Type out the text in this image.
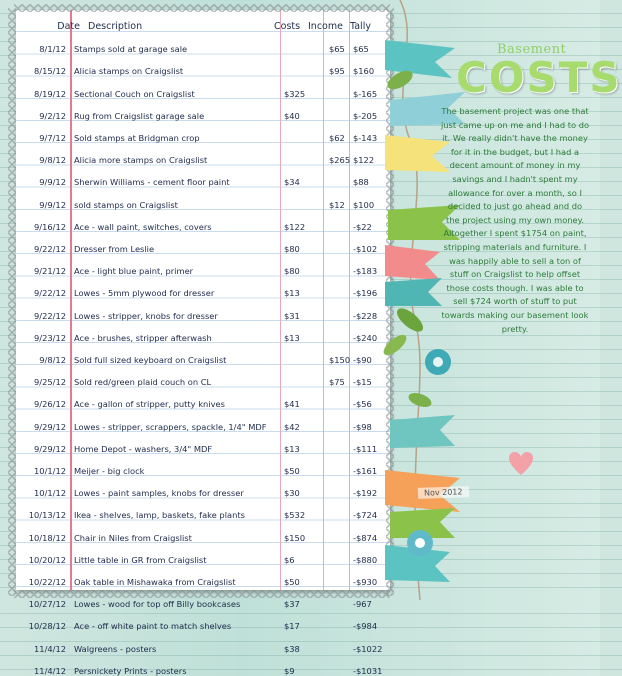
Date Description	Costs Income Tally
8/1/12 Stamps sold at garage sale	$65 $65
8/15/12 Alicia stamps on Craigslist	$95 $160
8/19/12 Sectional Couch on Craigslist	$325	$-165
9/2/12 Rug from Craigslist garage sale	$40	$-205
9/7/12 Sold stamps at Bridgman crop	$62 $-143
9/8/12 Alicia more stamps on Craigslist	$265 $122
9/9/12 Sherwin Williams - cement floor paint	$34	$88
9/9/12 sold stamps on Craigslist	$12 $100
9/16/12 Ace - wall paint, switches, covers	$122	-$22
9/22/12 Dresser from Leslie	$80	-$102
9/21/12 Ace - light blue paint, primer	$80	-$183
9/22/12 Lowes - 5mm plywood for dresser	$13	-$196
9/22/12 Lowes - stripper, knobs for dresser	$31	-$228
9/23/12 Ace - brushes, stripper afterwash	$13	-$240
9/8/12 Sold full sized keyboard on Craigslist	$150 -$90
9/25/12 Sold red/green plaid couch on CL	$75 -$15
9/26/12 Ace - gallon of stripper, putty knives	$41	-$56
9/29/12 Lowes - stripper, scrappers, spackle, 1/4" MDF $42	-$98
9/29/12 Home Depot - washers, 3/4" MDF	$13	-$111
10/1/12 Meijer - big clock	$50	-$161
10/1/12 Lowes - paint samples, knobs for dresser	$30	-$192
10/13/12 Ikea - shelves, lamp, baskets, fake plants	$532	-$724
10/18/12 Chair in Niles from Craigslist	$150	-$874
10/20/12 Little table in GR from Craigslist	$6	-$880
10/22/12 Oak table in Mishawaka from Craigslist	$50	-$930
10/27/12 Lowes - wood for top off Billy bookcases	$37	-967
10/28/12 Ace - off white paint to match shelves	$17	-$984
11/4/12 Walgreens - posters	$38	-$1022
11/4/12 Persnickety Prints - posters	$9	-$1031
Basement
COSTS
The basement project was one that just came up on me and I had to do it. We really didn't have the money for it in the budget, but I had a decent amount of money in my savings and I hadn't spent my allowance for over a month, so I decided to just go ahead and do the project using my own money. Altogether I spent $1754 on paint, stripping materials and furniture. I was happily able to sell a ton of stuff on Craigslist to help offset those costs though. I was able to sell $724 worth of stuff to put towards making our basement look pretty.
Nov 2012
